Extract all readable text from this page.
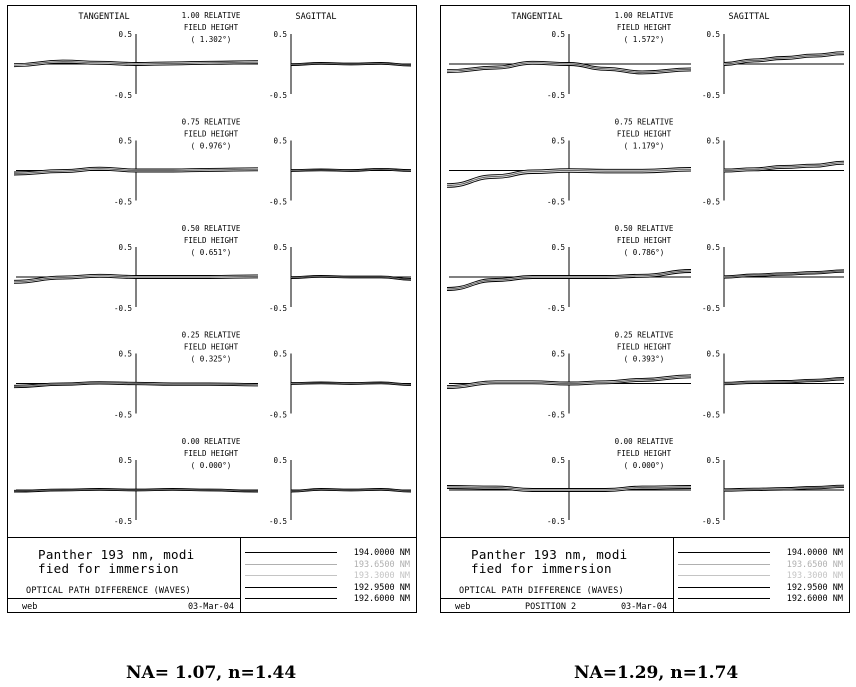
TANGENTIAL	SAGITTAL
1.00 RELATIVE
FIELD HEIGHT
( 1.302°)
0.5
-0.5
0.5
-0.5
0.75 RELATIVE
FIELD HEIGHT
( 0.976°)
0.5
-0.5
0.5
-0.5
0.50 RELATIVE
FIELD HEIGHT
( 0.651°)
0.5
-0.5
0.5
-0.5
0.25 RELATIVE
FIELD HEIGHT
( 0.325°)
0.5
-0.5
0.5
-0.5
0.00 RELATIVE
FIELD HEIGHT
( 0.000°)
0.5
-0.5
0.5
-0.5
Panther 193 nm, modi
fied for immersion
OPTICAL PATH DIFFERENCE (WAVES)
web	03-Mar-04
194.0000 NM
193.6500 NM
193.3000 NM
192.9500 NM
192.6000 NM
TANGENTIAL	SAGITTAL
1.00 RELATIVE
FIELD HEIGHT
( 1.572°)
0.5
-0.5
0.5
-0.5
0.75 RELATIVE
FIELD HEIGHT
( 1.179°)
0.5
-0.5
0.5
-0.5
0.50 RELATIVE
FIELD HEIGHT
( 0.786°)
0.5
-0.5
0.5
-0.5
0.25 RELATIVE
FIELD HEIGHT
( 0.393°)
0.5
-0.5
0.5
-0.5
0.00 RELATIVE
FIELD HEIGHT
( 0.000°)
0.5
-0.5
0.5
-0.5
Panther 193 nm, modi
fied for immersion
OPTICAL PATH DIFFERENCE (WAVES)
web	POSITION 2	03-Mar-04
194.0000 NM
193.6500 NM
193.3000 NM
192.9500 NM
192.6000 NM
NA= 1.07, n=1.44	NA=1.29, n=1.74
